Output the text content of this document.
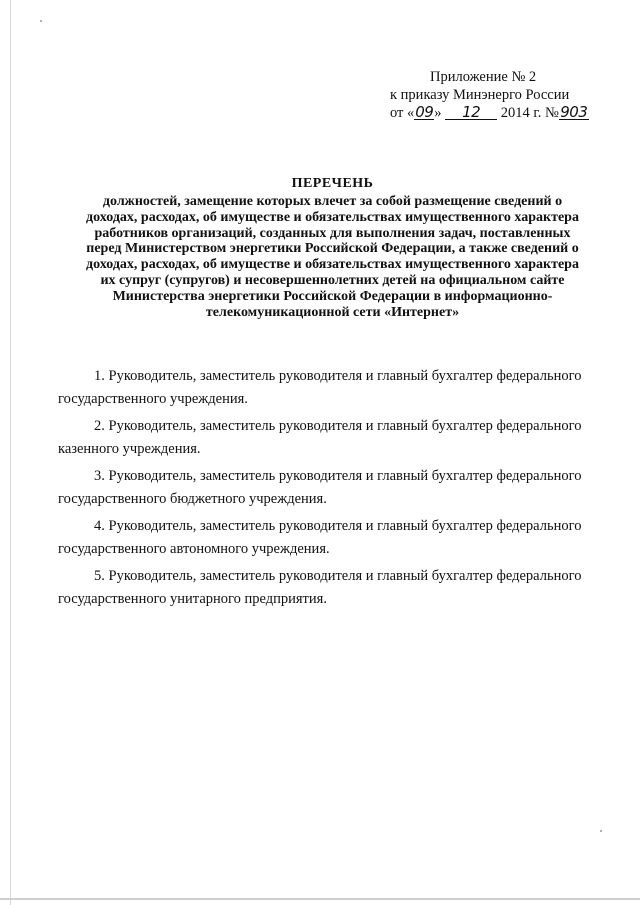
Приложение № 2
к приказу Минэнерго России
от «09» 12 2014 г. №903
ПЕРЕЧЕНЬ
должностей, замещение которых влечет за собой размещение сведений о
доходах, расходах, об имуществе и обязательствах имущественного характера
работников организаций, созданных для выполнения задач, поставленных
перед Министерством энергетики Российской Федерации, а также сведений о
доходах, расходах, об имуществе и обязательствах имущественного характера
их супруг (супругов) и несовершеннолетних детей на официальном сайте
Министерства энергетики Российской Федерации в информационно-
телекомуникационной сети «Интернет»
1. Руководитель, заместитель руководителя и главный бухгалтер федерального
государственного учреждения.
2. Руководитель, заместитель руководителя и главный бухгалтер федерального
казенного учреждения.
3. Руководитель, заместитель руководителя и главный бухгалтер федерального
государственного бюджетного учреждения.
4. Руководитель, заместитель руководителя и главный бухгалтер федерального
государственного автономного учреждения.
5. Руководитель, заместитель руководителя и главный бухгалтер федерального
государственного унитарного предприятия.
